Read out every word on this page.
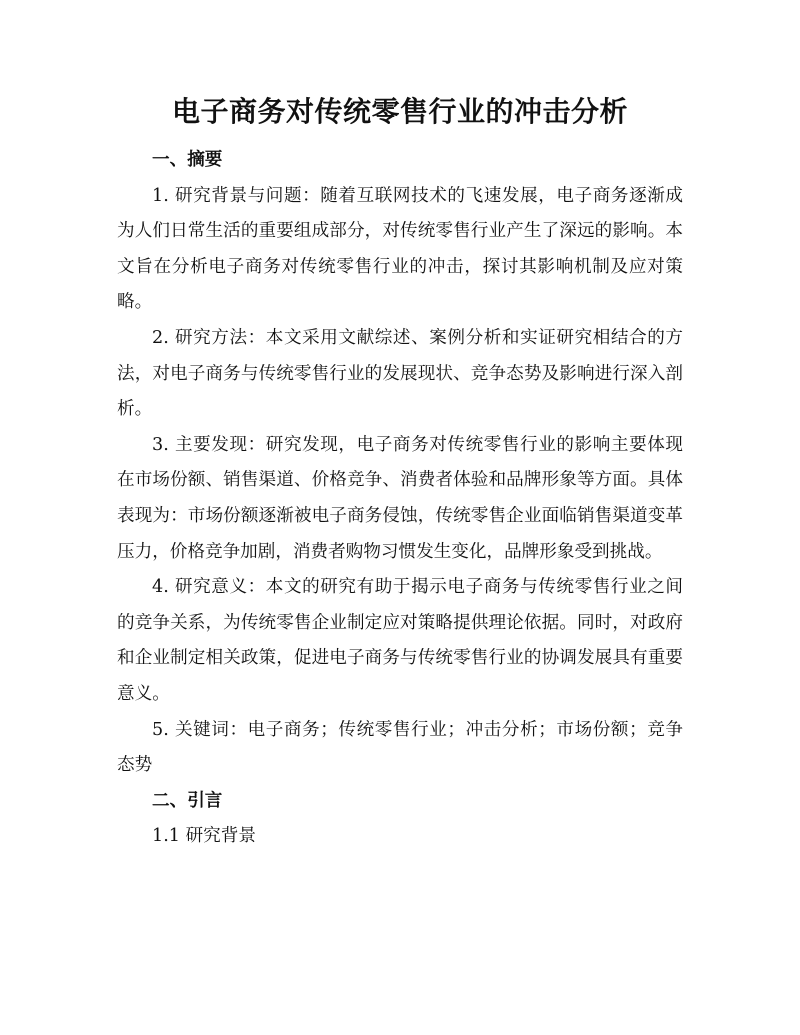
电子商务对传统零售行业的冲击分析

一、摘要

1. 研究背景与问题：随着互联网技术的飞速发展，电子商务逐渐成为人们日常生活的重要组成部分，对传统零售行业产生了深远的影响。本文旨在分析电子商务对传统零售行业的冲击，探讨其影响机制及应对策略。

2. 研究方法：本文采用文献综述、案例分析和实证研究相结合的方法，对电子商务与传统零售行业的发展现状、竞争态势及影响进行深入剖析。

3. 主要发现：研究发现，电子商务对传统零售行业的影响主要体现在市场份额、销售渠道、价格竞争、消费者体验和品牌形象等方面。具体表现为：市场份额逐渐被电子商务侵蚀，传统零售企业面临销售渠道变革压力，价格竞争加剧，消费者购物习惯发生变化，品牌形象受到挑战。

4. 研究意义：本文的研究有助于揭示电子商务与传统零售行业之间的竞争关系，为传统零售企业制定应对策略提供理论依据。同时，对政府和企业制定相关政策，促进电子商务与传统零售行业的协调发展具有重要意义。

5. 关键词：电子商务；传统零售行业；冲击分析；市场份额；竞争态势

二、引言

1.1 研究背景
